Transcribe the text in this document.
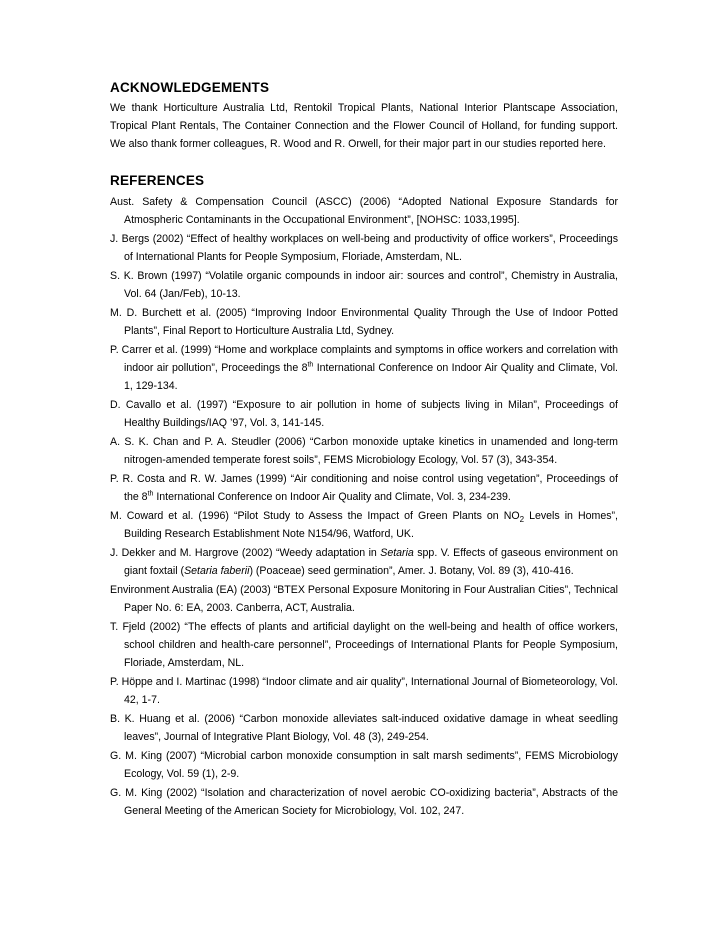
ACKNOWLEDGEMENTS

We thank Horticulture Australia Ltd, Rentokil Tropical Plants, National Interior Plantscape Association, Tropical Plant Rentals, The Container Connection and the Flower Council of Holland, for funding support. We also thank former colleagues, R. Wood and R. Orwell, for their major part in our studies reported here.

REFERENCES
Aust. Safety & Compensation Council (ASCC) (2006) “Adopted National Exposure Standards for Atmospheric Contaminants in the Occupational Environment”, [NOHSC: 1033,1995].
J. Bergs (2002) “Effect of healthy workplaces on well-being and productivity of office workers”, Proceedings of International Plants for People Symposium, Floriade, Amsterdam, NL.
S. K. Brown (1997) “Volatile organic compounds in indoor air: sources and control”, Chemistry in Australia, Vol. 64 (Jan/Feb), 10-13.
M. D. Burchett et al. (2005) “Improving Indoor Environmental Quality Through the Use of Indoor Potted Plants”, Final Report to Horticulture Australia Ltd, Sydney.
P. Carrer et al. (1999) “Home and workplace complaints and symptoms in office workers and correlation with indoor air pollution”, Proceedings the 8th International Conference on Indoor Air Quality and Climate, Vol. 1, 129-134.
D. Cavallo et al. (1997) “Exposure to air pollution in home of subjects living in Milan”, Proceedings of Healthy Buildings/IAQ ’97, Vol. 3, 141-145.
A. S. K. Chan and P. A. Steudler (2006) “Carbon monoxide uptake kinetics in unamended and long-term nitrogen-amended temperate forest soils”, FEMS Microbiology Ecology, Vol. 57 (3), 343-354.
P. R. Costa and R. W. James (1999) “Air conditioning and noise control using vegetation”, Proceedings of the 8th International Conference on Indoor Air Quality and Climate, Vol. 3, 234-239.
M. Coward et al. (1996) “Pilot Study to Assess the Impact of Green Plants on $NO_2$ Levels in Homes”, Building Research Establishment Note N154/96, Watford, UK.
J. Dekker and M. Hargrove (2002) “Weedy adaptation in Setaria spp. V. Effects of gaseous environment on giant foxtail (Setaria faberii) (Poaceae) seed germination”, Amer. J. Botany, Vol. 89 (3), 410-416.
Environment Australia (EA) (2003) “BTEX Personal Exposure Monitoring in Four Australian Cities”, Technical Paper No. 6: EA, 2003. Canberra, ACT, Australia.
T. Fjeld (2002) “The effects of plants and artificial daylight on the well-being and health of office workers, school children and health-care personnel”, Proceedings of International Plants for People Symposium, Floriade, Amsterdam, NL.
P. Höppe and I. Martinac (1998) “Indoor climate and air quality”, International Journal of Biometeorology, Vol. 42, 1-7.
B. K. Huang et al. (2006) “Carbon monoxide alleviates salt-induced oxidative damage in wheat seedling leaves”, Journal of Integrative Plant Biology, Vol. 48 (3), 249-254.
G. M. King (2007) “Microbial carbon monoxide consumption in salt marsh sediments”, FEMS Microbiology Ecology, Vol. 59 (1), 2-9.
G. M. King (2002) “Isolation and characterization of novel aerobic CO-oxidizing bacteria”, Abstracts of the General Meeting of the American Society for Microbiology, Vol. 102, 247.
